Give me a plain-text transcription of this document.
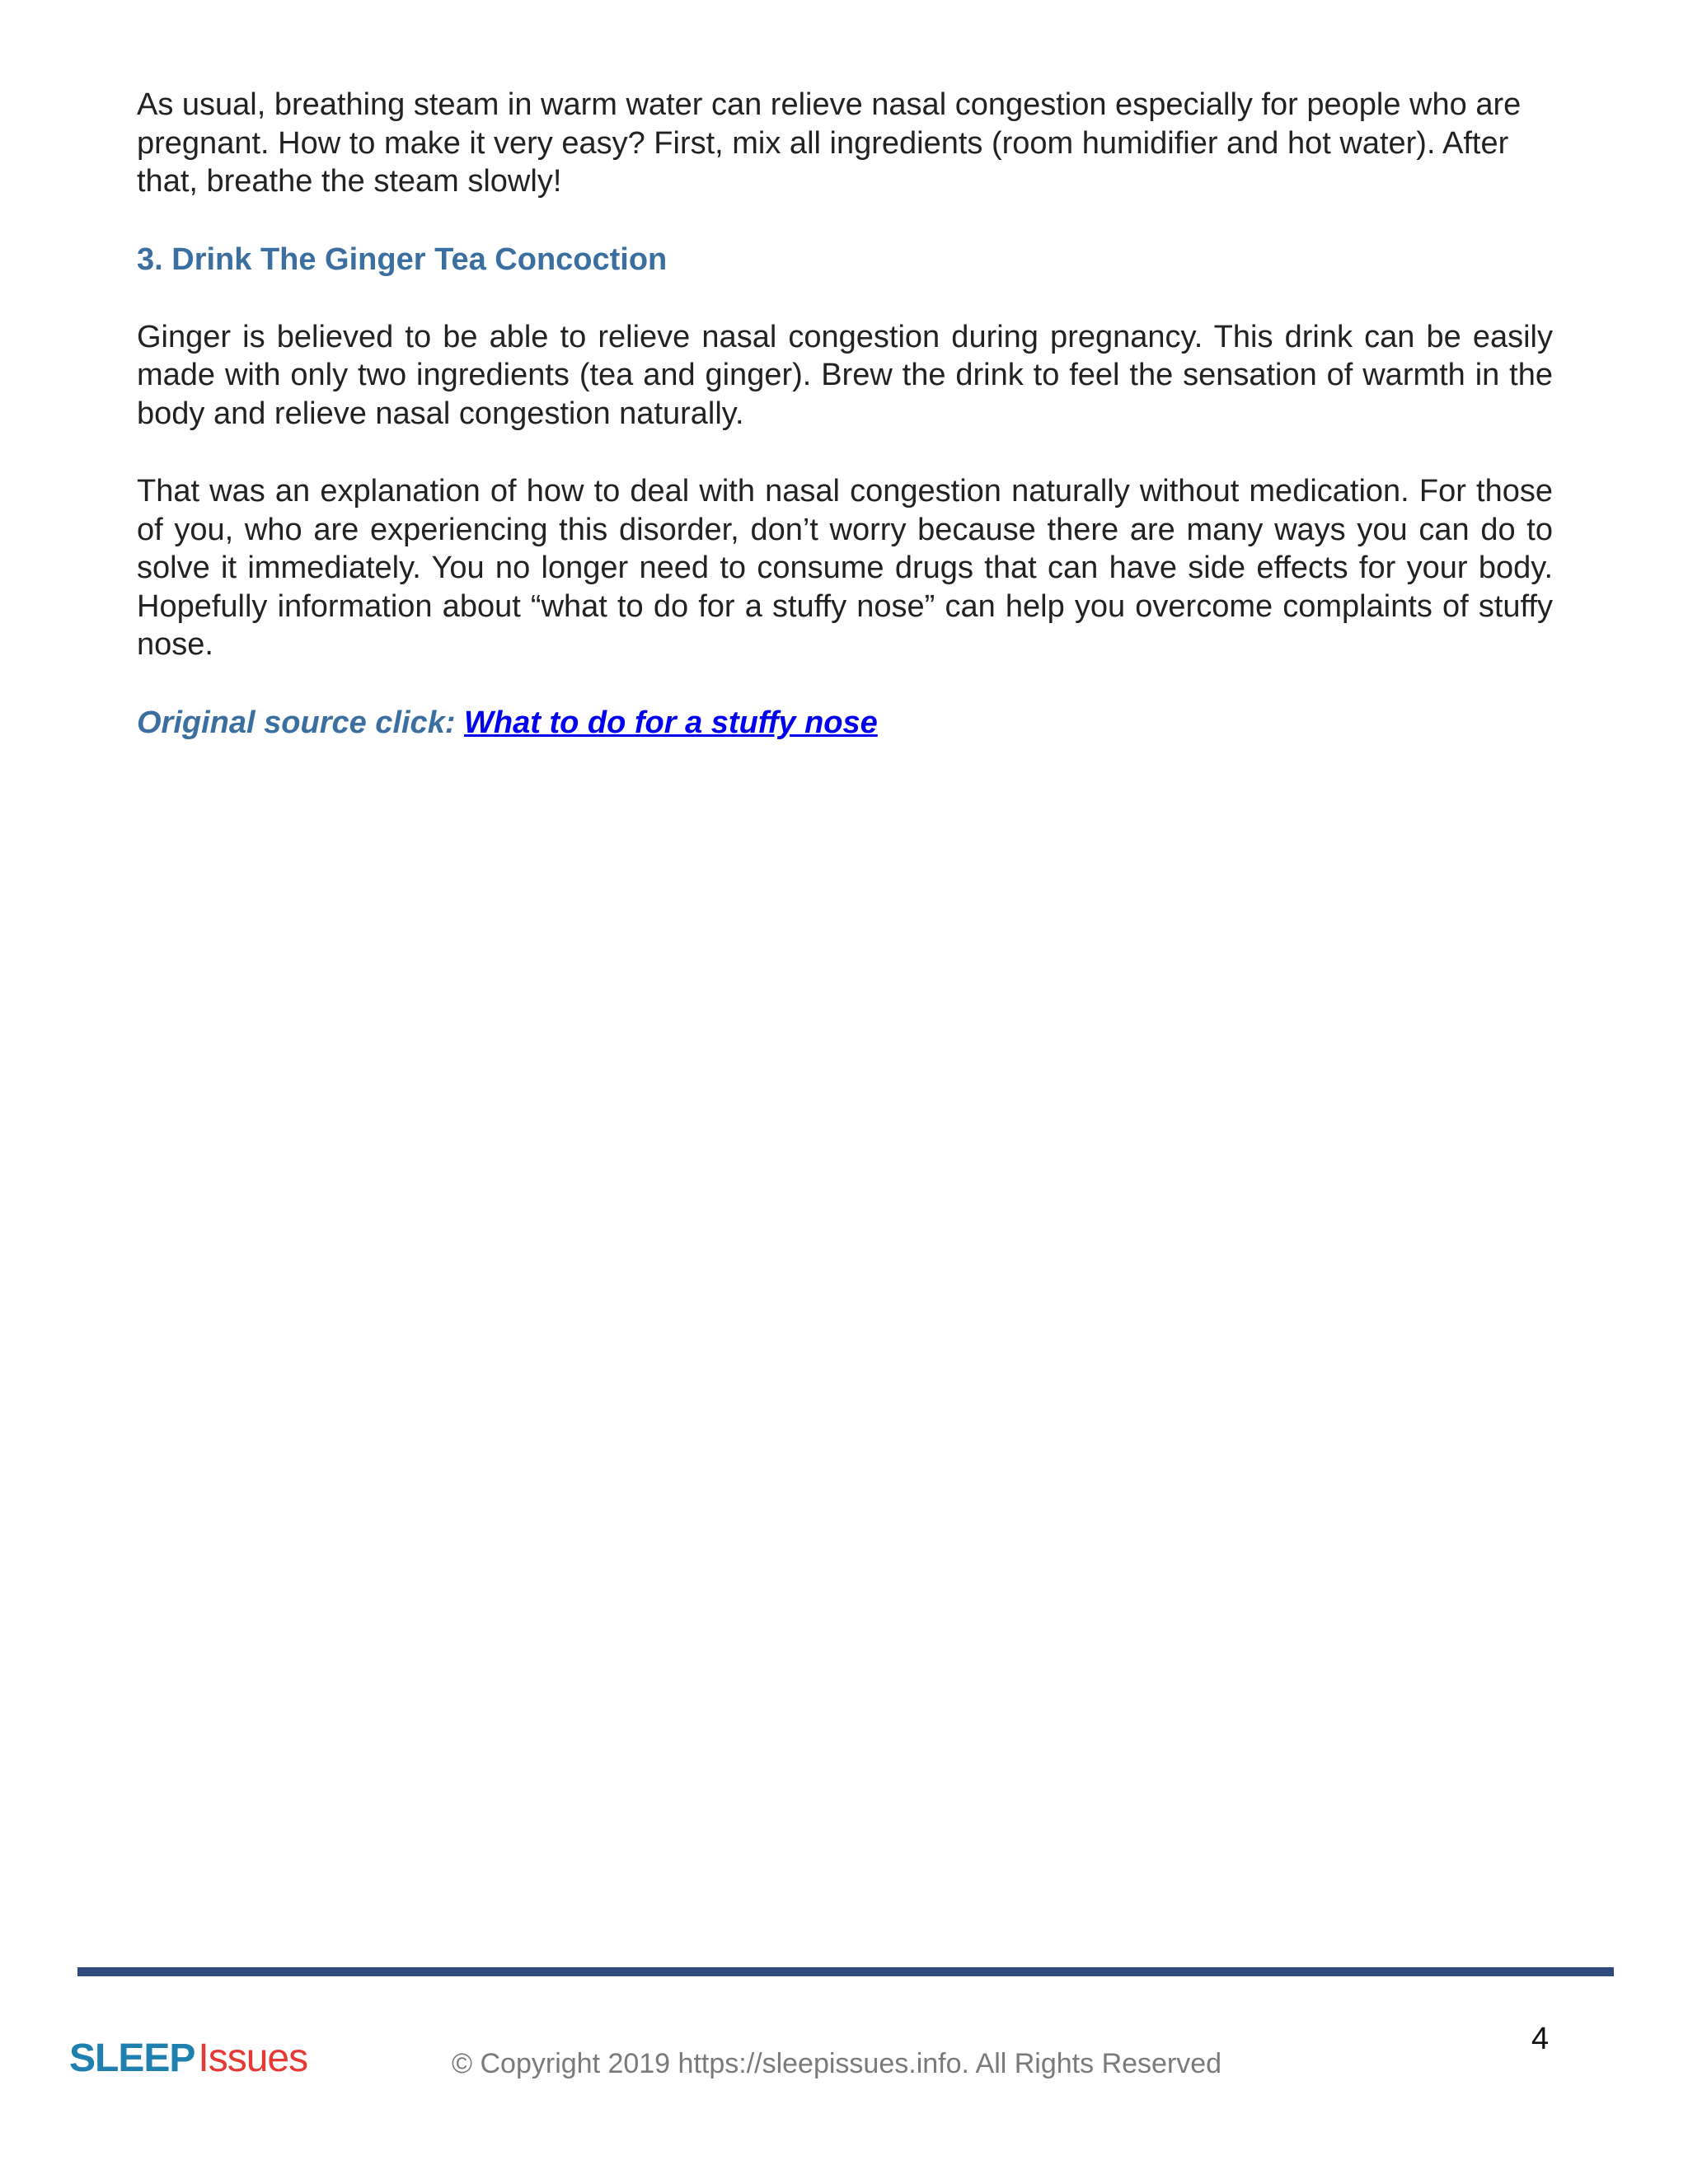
As usual, breathing steam in warm water can relieve nasal congestion especially for people who are pregnant. How to make it very easy? First, mix all ingredients (room humidifier and hot water). After that, breathe the steam slowly!

3. Drink The Ginger Tea Concoction

Ginger is believed to be able to relieve nasal congestion during pregnancy. This drink can be easily made with only two ingredients (tea and ginger). Brew the drink to feel the sensation of warmth in the body and relieve nasal congestion naturally.

That was an explanation of how to deal with nasal congestion naturally without medication. For those of you, who are experiencing this disorder, don’t worry because there are many ways you can do to solve it immediately. You no longer need to consume drugs that can have side effects for your body. Hopefully information about “what to do for a stuffy nose” can help you overcome complaints of stuffy nose.

Original source click: What to do for a stuffy nose

SLEEPIssues	© Copyright 2019 https://sleepissues.info. All Rights Reserved
4
